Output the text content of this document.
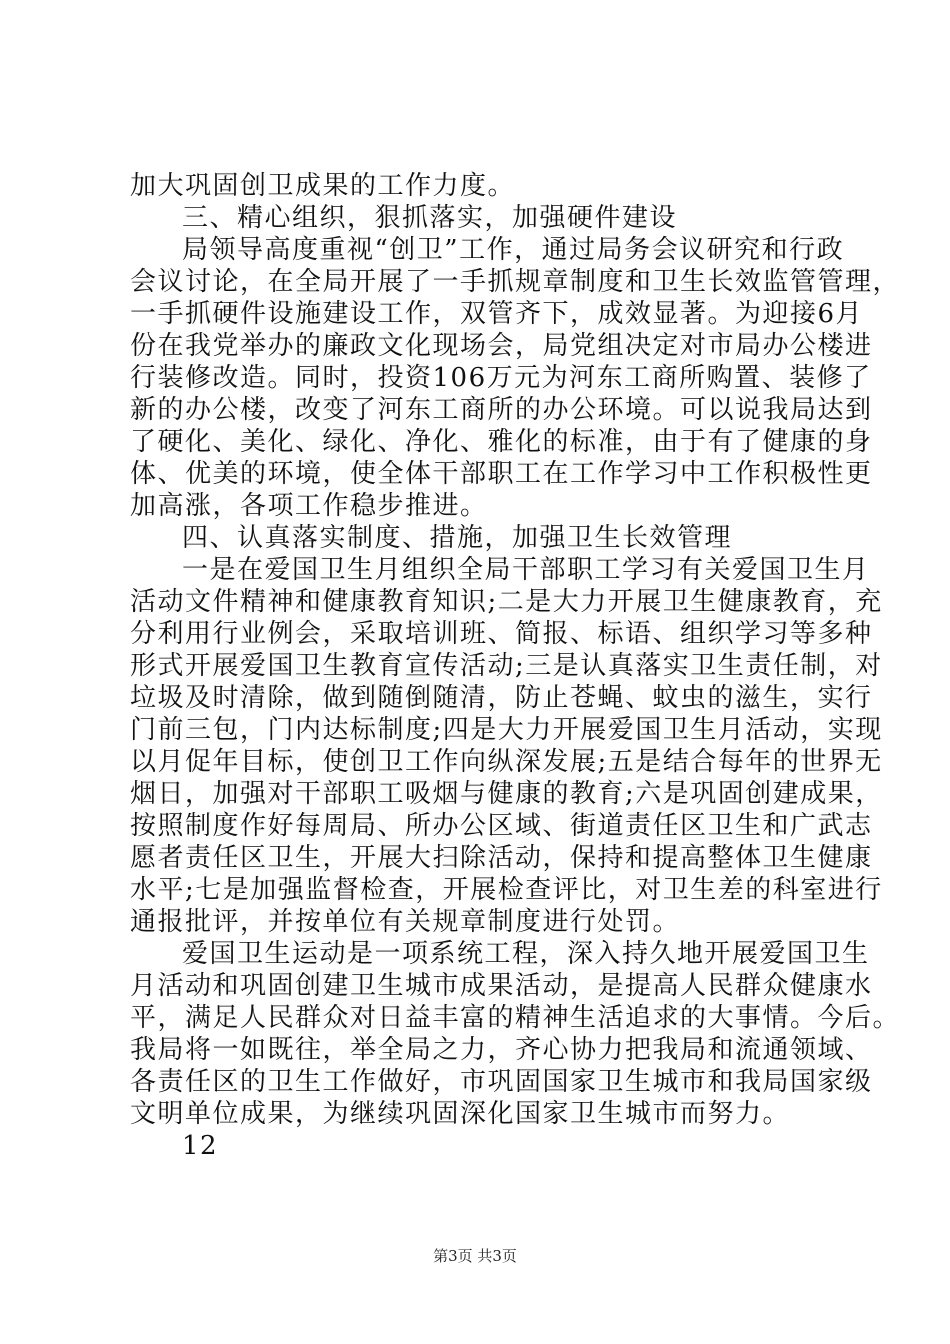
加大巩固创卫成果的工作力度。
三、精心组织，狠抓落实，加强硬件建设
局领导高度重视“创卫”工作，通过局务会议研究和行政
会议讨论，在全局开展了一手抓规章制度和卫生长效监管管理，
一手抓硬件设施建设工作，双管齐下，成效显著。为迎接6月
份在我党举办的廉政文化现场会，局党组决定对市局办公楼进
行装修改造。同时，投资106万元为河东工商所购置、装修了
新的办公楼，改变了河东工商所的办公环境。可以说我局达到
了硬化、美化、绿化、净化、雅化的标准，由于有了健康的身
体、优美的环境，使全体干部职工在工作学习中工作积极性更
加高涨，各项工作稳步推进。
四、认真落实制度、措施，加强卫生长效管理
一是在爱国卫生月组织全局干部职工学习有关爱国卫生月
活动文件精神和健康教育知识;二是大力开展卫生健康教育，充
分利用行业例会，采取培训班、简报、标语、组织学习等多种
形式开展爱国卫生教育宣传活动;三是认真落实卫生责任制，对
垃圾及时清除，做到随倒随清，防止苍蝇、蚊虫的滋生，实行
门前三包，门内达标制度;四是大力开展爱国卫生月活动，实现
以月促年目标，使创卫工作向纵深发展;五是结合每年的世界无
烟日，加强对干部职工吸烟与健康的教育;六是巩固创建成果，
按照制度作好每周局、所办公区域、街道责任区卫生和广武志
愿者责任区卫生，开展大扫除活动，保持和提高整体卫生健康
水平;七是加强监督检查，开展检查评比，对卫生差的科室进行
通报批评，并按单位有关规章制度进行处罚。
爱国卫生运动是一项系统工程，深入持久地开展爱国卫生
月活动和巩固创建卫生城市成果活动，是提高人民群众健康水
平，满足人民群众对日益丰富的精神生活追求的大事情。今后。
我局将一如既往，举全局之力，齐心协力把我局和流通领域、
各责任区的卫生工作做好，市巩固国家卫生城市和我局国家级
文明单位成果，为继续巩固深化国家卫生城市而努力。
12
第3页 共3页
